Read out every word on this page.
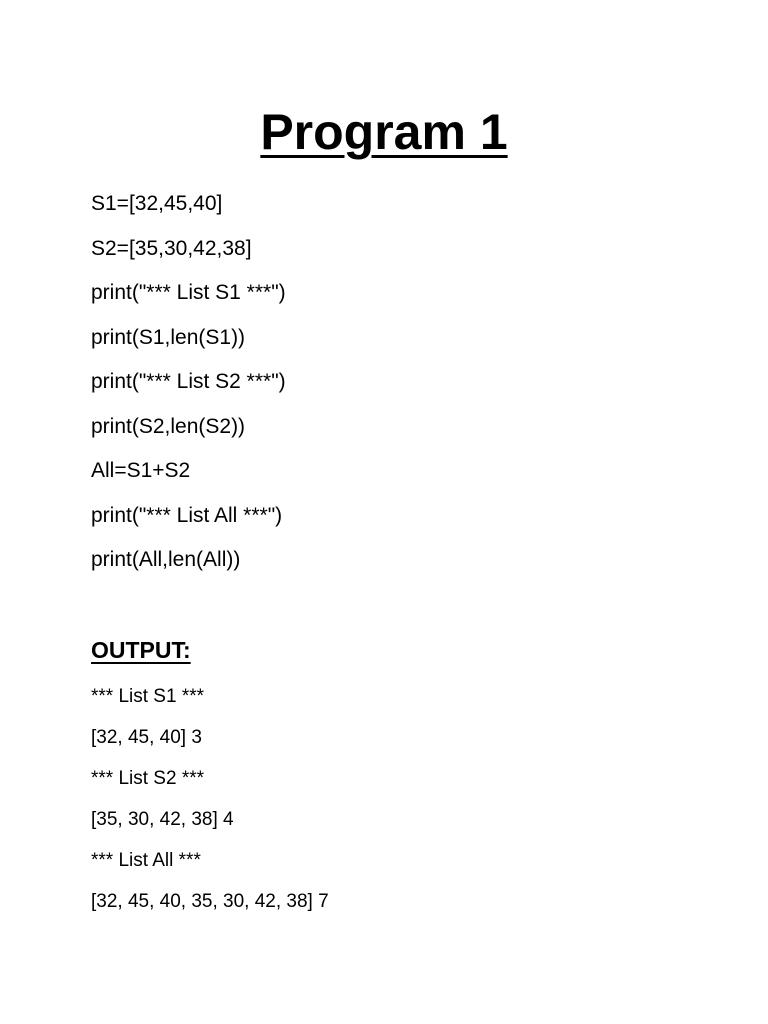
Program 1
S1=[32,45,40]
S2=[35,30,42,38]
print("*** List S1 ***")
print(S1,len(S1))
print("*** List S2 ***")
print(S2,len(S2))
All=S1+S2
print("*** List All ***")
print(All,len(All))
OUTPUT:
*** List S1 ***
[32, 45, 40] 3
*** List S2 ***
[35, 30, 42, 38] 4
*** List All ***
[32, 45, 40, 35, 30, 42, 38] 7
